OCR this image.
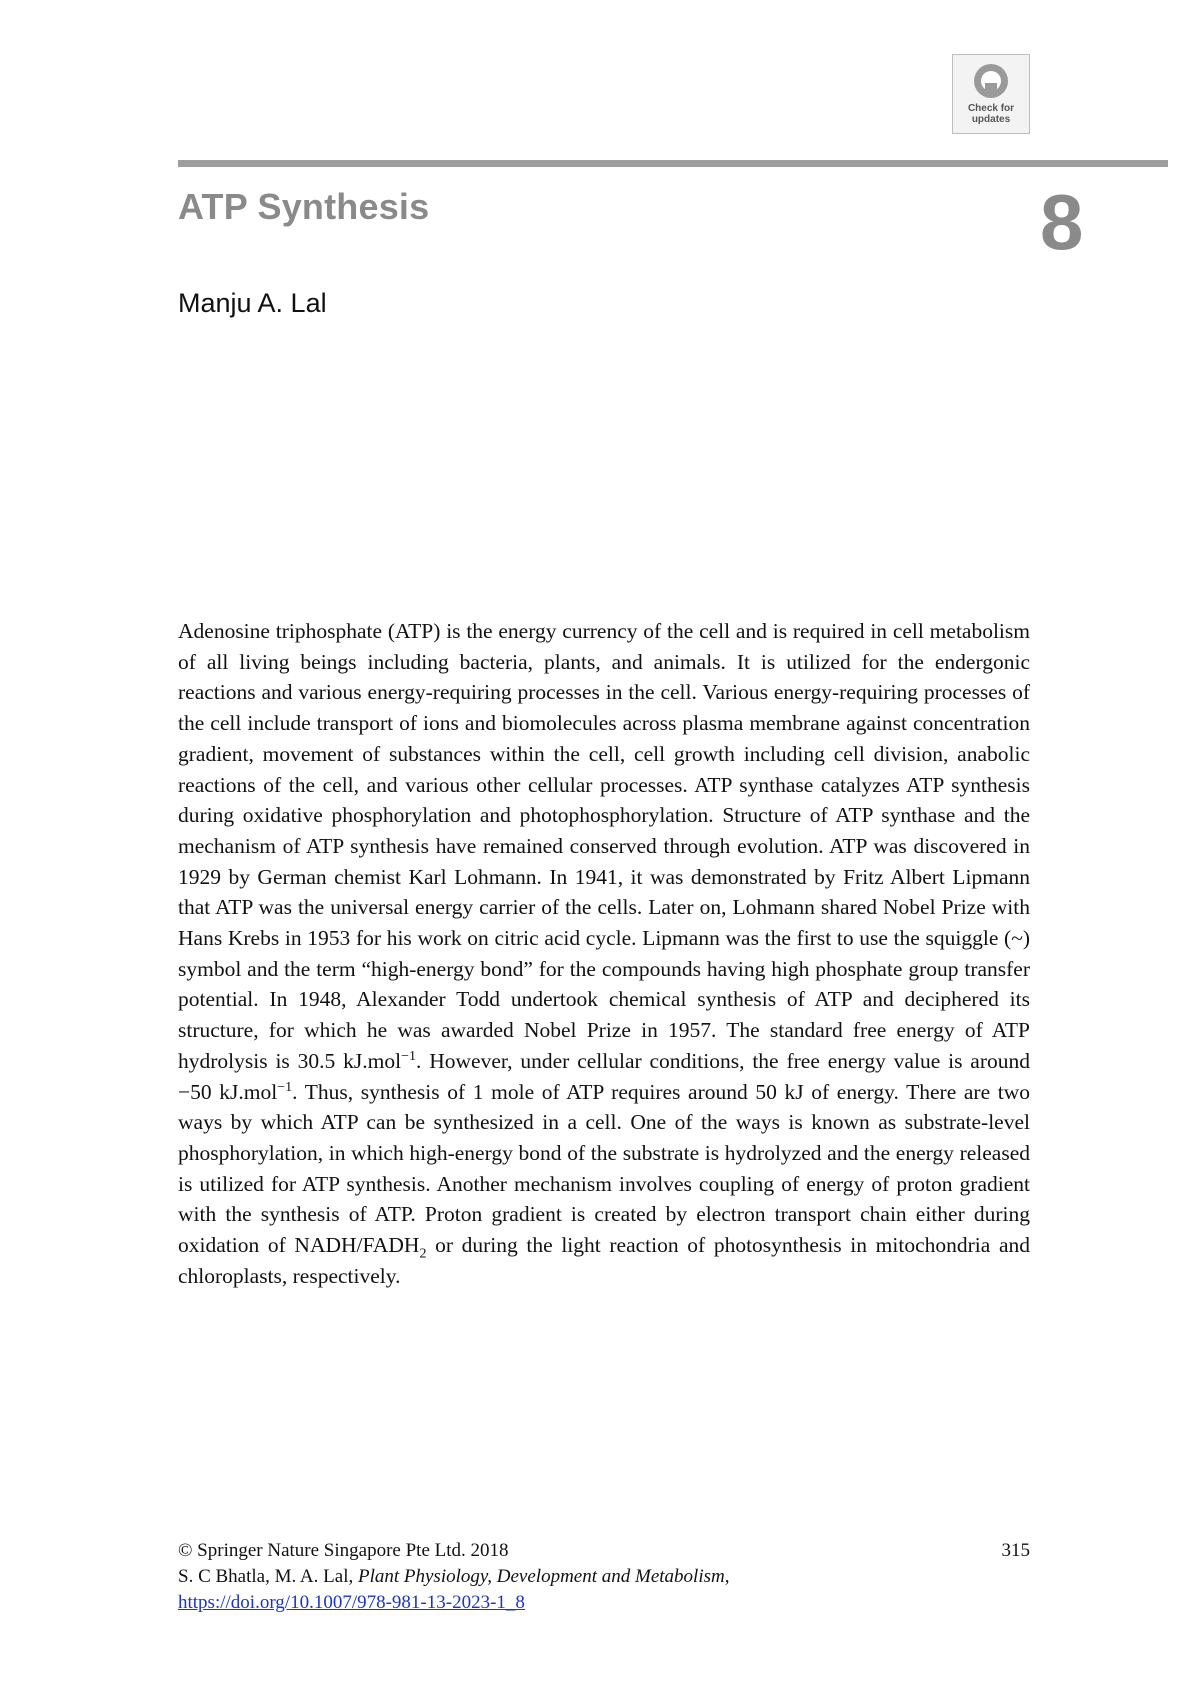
Check for updates
ATP Synthesis	8
Manju A. Lal

Adenosine triphosphate (ATP) is the energy currency of the cell and is required in cell metabolism of all living beings including bacteria, plants, and animals. It is utilized for the endergonic reactions and various energy-requiring processes in the cell. Various energy-requiring processes of the cell include transport of ions and biomolecules across plasma membrane against concentration gradient, movement of substances within the cell, cell growth including cell division, anabolic reactions of the cell, and various other cellular processes. ATP synthase catalyzes ATP synthesis during oxidative phosphorylation and photophosphorylation. Structure of ATP synthase and the mechanism of ATP synthesis have remained conserved through evolution. ATP was discovered in 1929 by German chemist Karl Lohmann. In 1941, it was demonstrated by Fritz Albert Lipmann that ATP was the universal energy carrier of the cells. Later on, Lohmann shared Nobel Prize with Hans Krebs in 1953 for his work on citric acid cycle. Lipmann was the first to use the squiggle (~) symbol and the term “high-energy bond” for the compounds having high phosphate group transfer potential. In 1948, Alexander Todd undertook chemical synthesis of ATP and deciphered its structure, for which he was awarded Nobel Prize in 1957. The standard free energy of ATP hydrolysis is 30.5 kJ.mol$^{-1}$. However, under cellular conditions, the free energy value is around −50 kJ.mol$^{-1}$. Thus, synthesis of 1 mole of ATP requires around 50 kJ of energy. There are two ways by which ATP can be synthesized in a cell. One of the ways is known as substrate-level phosphorylation, in which high-energy bond of the substrate is hydrolyzed and the energy released is utilized for ATP synthesis. Another mechanism involves coupling of energy of proton gradient with the synthesis of ATP. Proton gradient is created by electron transport chain either during oxidation of NADH/$FADH_2$ or during the light reaction of photosynthesis in mitochondria and chloroplasts, respectively.

© Springer Nature Singapore Pte Ltd. 2018	315
S. C Bhatla, M. A. Lal, Plant Physiology, Development and Metabolism,
https://doi.org/10.1007/978-981-13-2023-1_8
